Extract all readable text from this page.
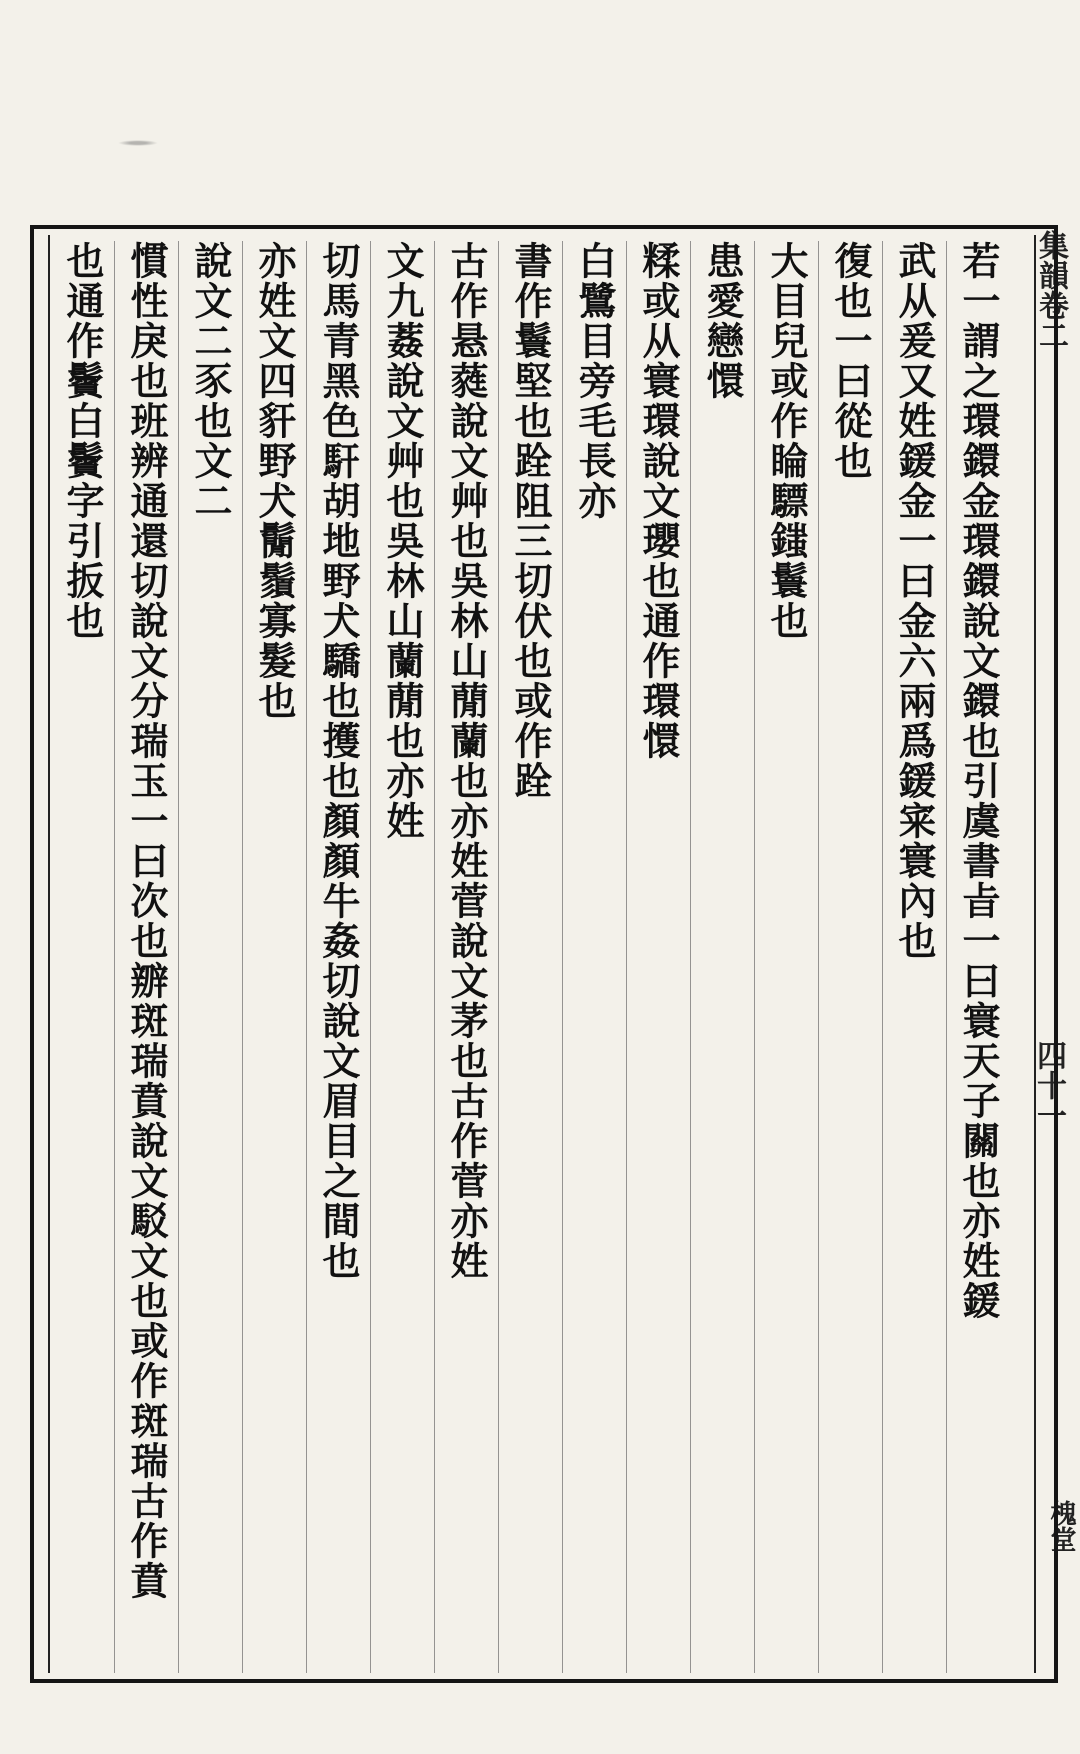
集韻卷二
四十一
槐堂
若一謂之環鐶金環鐶說文鐶也引虞書㫖一曰寰天子關也亦姓鍰
武从爰又姓鍰金一曰金六兩爲鍰宷寰內也
復也一曰從也
大目兒或作睔驃䥀鬟也
患愛戀懁
糅或从寰環說文瓔也通作環懁
白鷺目旁毛長亦
書作鬟堅也跧阻三切伏也或作跧
古作悬蕤說文艸也吳林山蕑蘭也亦姓菅說文茅也古作菅亦姓
文九葌說文艸也吳林山蘭蕑也亦姓
切馬青黑色馯胡地野犬驕也擭也顏顏牛姦切說文眉目之間也
亦姓文四豻野犬鬜鬚寡髮也
說文二豕也文二
慣性戾也班辨通還切說文分瑞玉一曰次也辧斑瑞賁說文駁文也或作斑瑞古作賁
也通作鬢白鬢字引扳也
